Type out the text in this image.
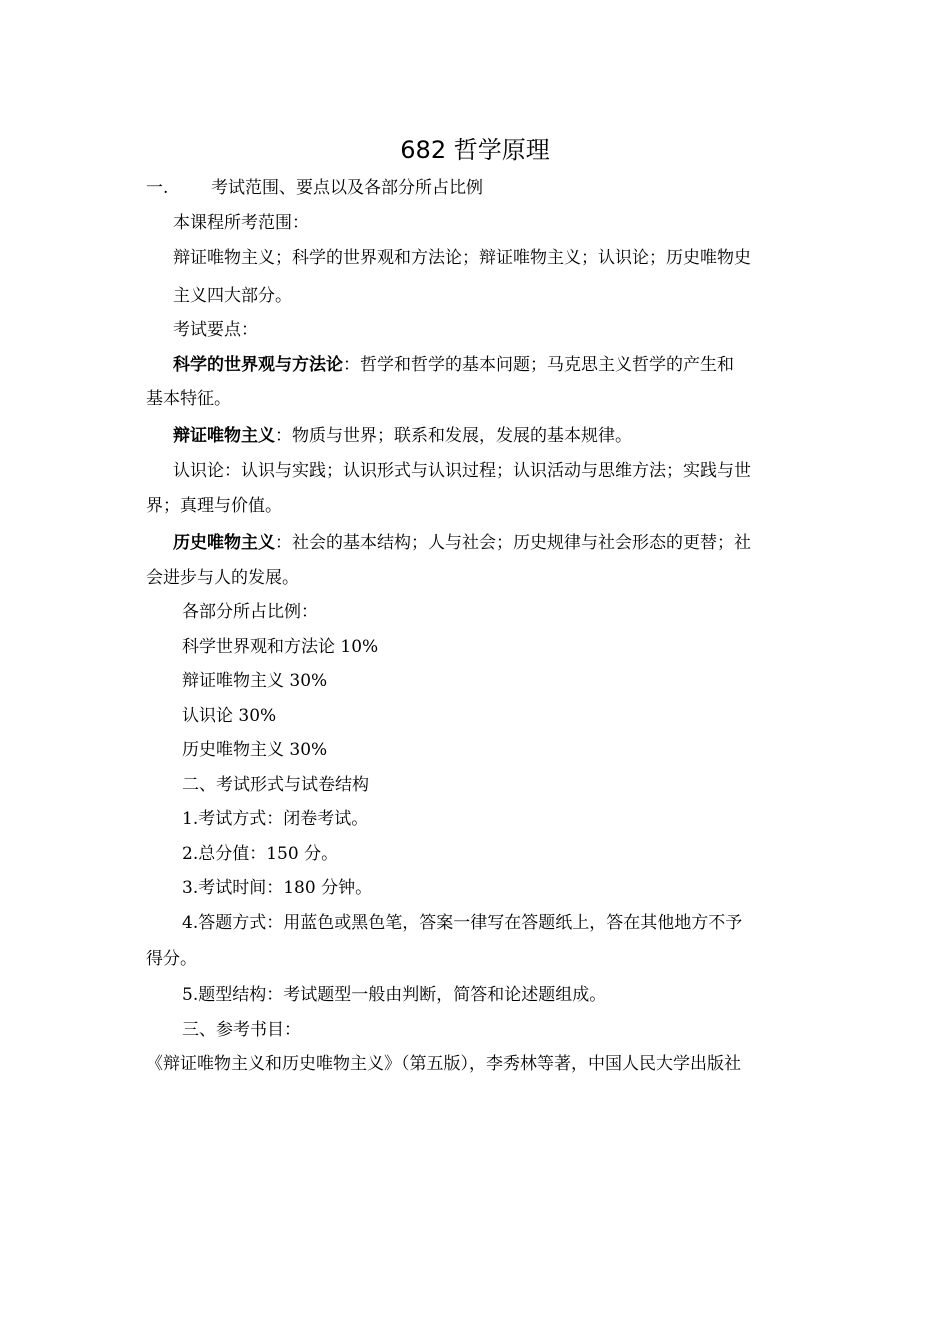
682 哲学原理
一.	考试范围、要点以及各部分所占比例
本课程所考范围：
辩证唯物主义；科学的世界观和方法论；辩证唯物主义；认识论；历史唯物史
主义四大部分。
考试要点：
科学的世界观与方法论：哲学和哲学的基本问题；马克思主义哲学的产生和
基本特征。
辩证唯物主义：物质与世界；联系和发展，发展的基本规律。
认识论：认识与实践；认识形式与认识过程；认识活动与思维方法；实践与世
界；真理与价值。
历史唯物主义：社会的基本结构；人与社会；历史规律与社会形态的更替；社
会进步与人的发展。
各部分所占比例：
科学世界观和方法论 10%
辩证唯物主义 30%
认识论 30%
历史唯物主义 30%
二、考试形式与试卷结构
1.考试方式：闭卷考试。
2.总分值：150 分。
3.考试时间：180 分钟。
4.答题方式：用蓝色或黑色笔，答案一律写在答题纸上，答在其他地方不予
得分。
5.题型结构：考试题型一般由判断，简答和论述题组成。
三、参考书目：
《辩证唯物主义和历史唯物主义》（第五版），李秀林等著，中国人民大学出版社
